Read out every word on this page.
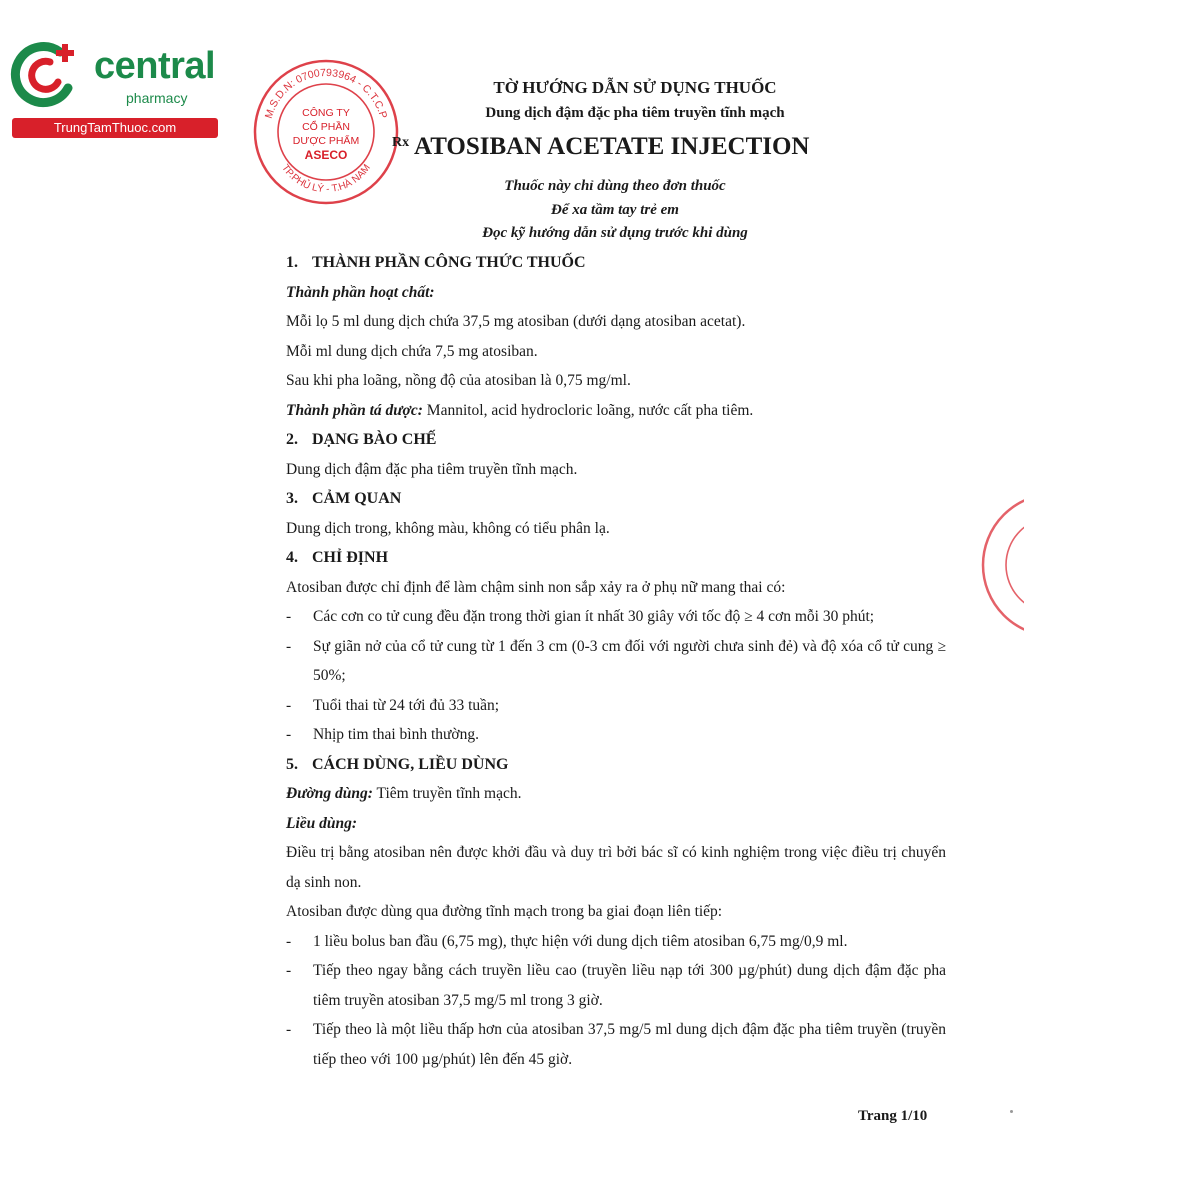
central
pharmacy
TrungTamThuoc.com
M.S.D.N: 0700793964 - C.T.C.P
TP.PHỦ LÝ - T.HÀ NAM
CÔNG TY
CỔ PHẦN
DƯỢC PHẨM
ASECO
TỜ HƯỚNG DẪN SỬ DỤNG THUỐC
Dung dịch đậm đặc pha tiêm truyền tĩnh mạch
Rx ATOSIBAN ACETATE INJECTION
Thuốc này chỉ dùng theo đơn thuốc
Để xa tầm tay trẻ em
Đọc kỹ hướng dẫn sử dụng trước khi dùng
1. THÀNH PHẦN CÔNG THỨC THUỐC

Thành phần hoạt chất:

Mỗi lọ 5 ml dung dịch chứa 37,5 mg atosiban (dưới dạng atosiban acetat).

Mỗi ml dung dịch chứa 7,5 mg atosiban.

Sau khi pha loãng, nồng độ của atosiban là 0,75 mg/ml.

Thành phần tá dược: Mannitol, acid hydrocloric loãng, nước cất pha tiêm.

2. DẠNG BÀO CHẾ

Dung dịch đậm đặc pha tiêm truyền tĩnh mạch.

3. CẢM QUAN

Dung dịch trong, không màu, không có tiểu phân lạ.

4. CHỈ ĐỊNH

Atosiban được chỉ định để làm chậm sinh non sắp xảy ra ở phụ nữ mang thai có:

- Các cơn co tử cung đều đặn trong thời gian ít nhất 30 giây với tốc độ ≥ 4 cơn mỗi 30 phút;
- Sự giãn nở của cổ tử cung từ 1 đến 3 cm (0-3 cm đối với người chưa sinh đẻ) và độ xóa cổ tử cung ≥ 50%;
- Tuổi thai từ 24 tới đủ 33 tuần;
- Nhịp tim thai bình thường.
5. CÁCH DÙNG, LIỀU DÙNG

Đường dùng: Tiêm truyền tĩnh mạch.

Liều dùng:

Điều trị bằng atosiban nên được khởi đầu và duy trì bởi bác sĩ có kinh nghiệm trong việc điều trị chuyển dạ sinh non.

Atosiban được dùng qua đường tĩnh mạch trong ba giai đoạn liên tiếp:

- 1 liều bolus ban đầu (6,75 mg), thực hiện với dung dịch tiêm atosiban 6,75 mg/0,9 ml.
- Tiếp theo ngay bằng cách truyền liều cao (truyền liều nạp tới 300 µg/phút) dung dịch đậm đặc pha tiêm truyền atosiban 37,5 mg/5 ml trong 3 giờ.
- Tiếp theo là một liều thấp hơn của atosiban 37,5 mg/5 ml dung dịch đậm đặc pha tiêm truyền (truyền tiếp theo với 100 µg/phút) lên đến 45 giờ.
Trang 1/10
